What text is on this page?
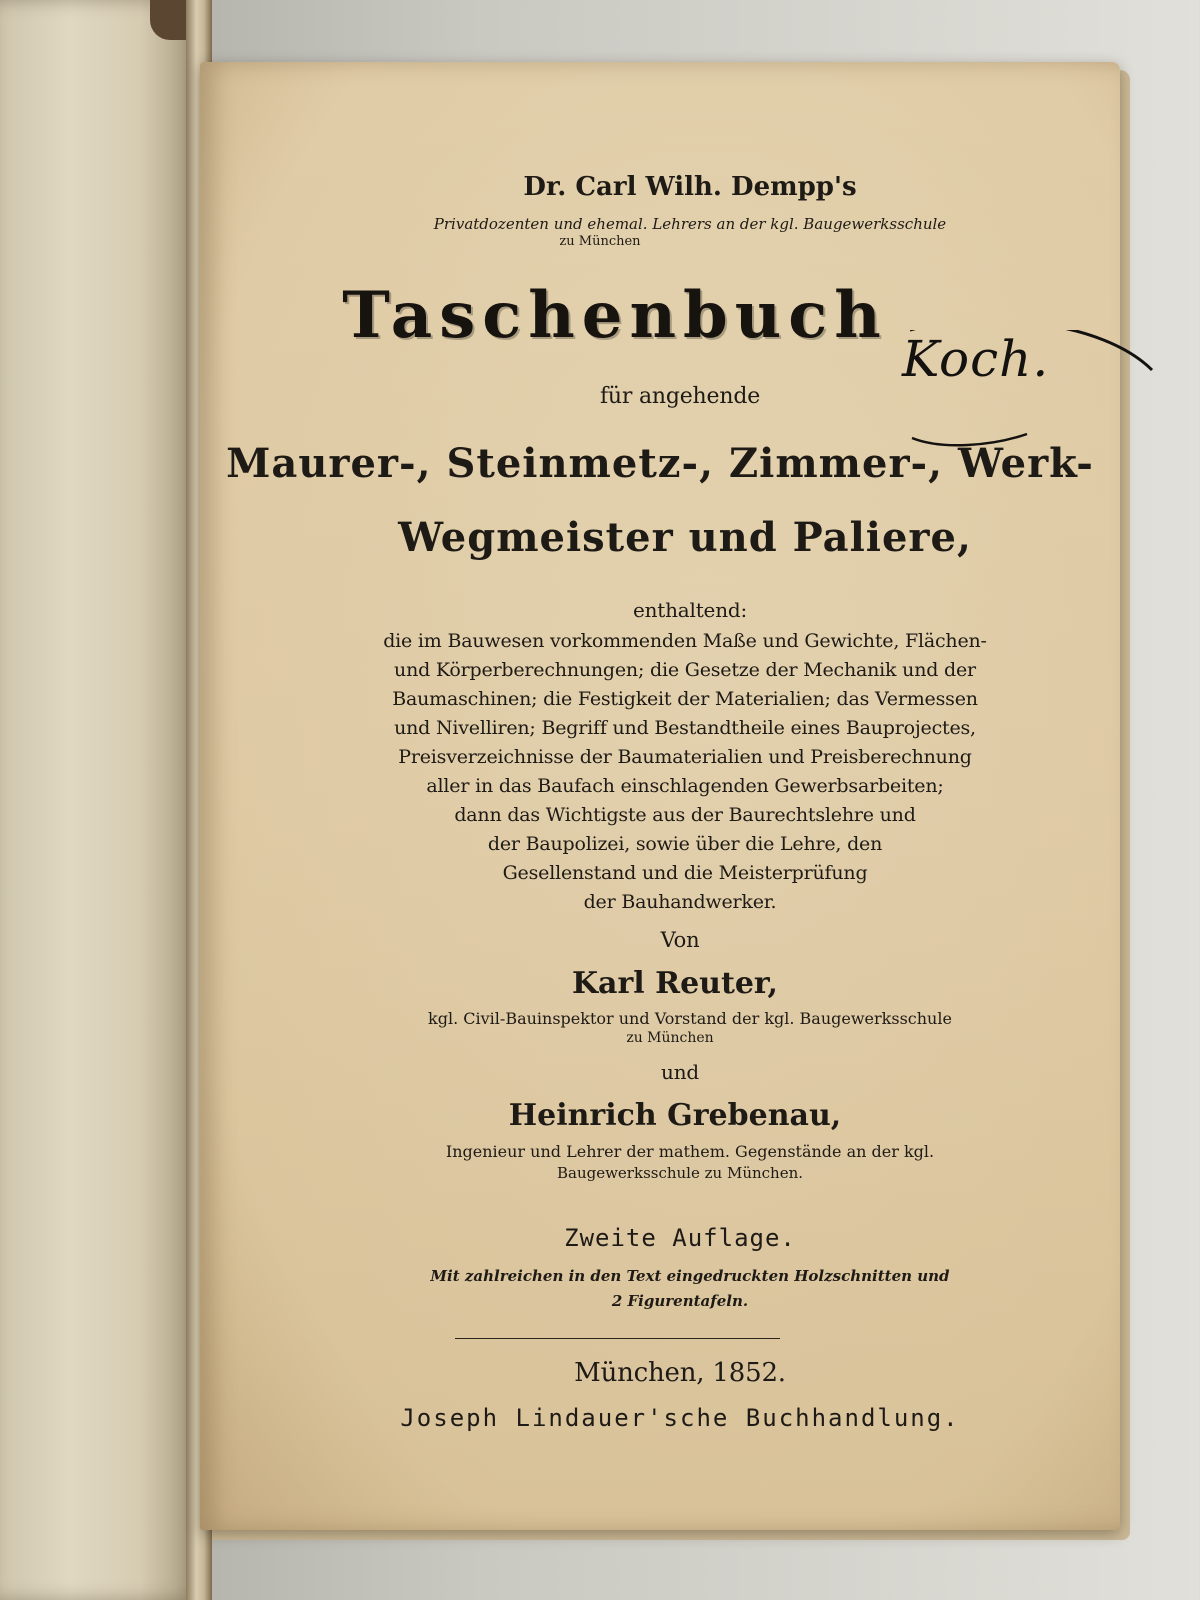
Dr. Carl Wilh. Dempp's

Privatdozenten und ehemal. Lehrers an der kgl. Baugewerksschule

zu München

Taschenbuch

für angehende

Maurer-, Steinmetz-, Zimmer-, Werk-

Wegmeister und Paliere,

enthaltend:

die im Bauwesen vorkommenden Maße und Gewichte, Flächen-

und Körperberechnungen; die Gesetze der Mechanik und der

Baumaschinen; die Festigkeit der Materialien; das Vermessen

und Nivelliren; Begriff und Bestandtheile eines Bauprojectes,

Preisverzeichnisse der Baumaterialien und Preisberechnung

aller in das Baufach einschlagenden Gewerbsarbeiten;

dann das Wichtigste aus der Baurechtslehre und

der Baupolizei, sowie über die Lehre, den

Gesellenstand und die Meisterprüfung

der Bauhandwerker.

Von

Karl Reuter,

kgl. Civil-Bauinspektor und Vorstand der kgl. Baugewerksschule

zu München

und

Heinrich Grebenau,

Ingenieur und Lehrer der mathem. Gegenstände an der kgl.

Baugewerksschule zu München.

Zweite Auflage.

Mit zahlreichen in den Text eingedruckten Holzschnitten und

2 Figurentafeln.

München, 1852.

Joseph Lindauer'sche Buchhandlung.

Koch.
